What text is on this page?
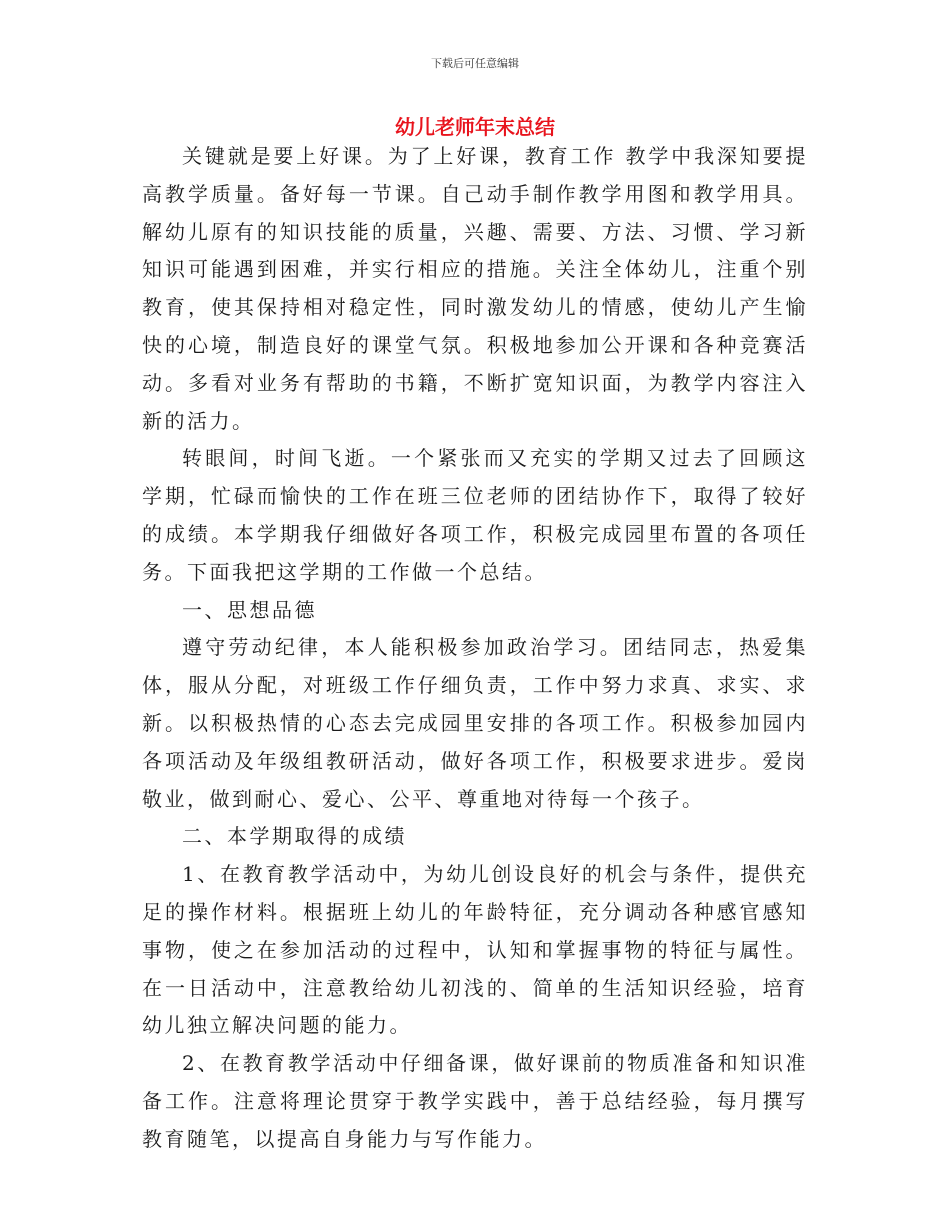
下载后可任意编辑
幼儿老师年末总结

关键就是要上好课。为了上好课，教育工作 教学中我深知要提高教学质量。备好每一节课。自己动手制作教学用图和教学用具。解幼儿原有的知识技能的质量，兴趣、需要、方法、习惯、学习新知识可能遇到困难，并实行相应的措施。关注全体幼儿，注重个别教育，使其保持相对稳定性，同时激发幼儿的情感，使幼儿产生愉快的心境，制造良好的课堂气氛。积极地参加公开课和各种竞赛活动。多看对业务有帮助的书籍，不断扩宽知识面，为教学内容注入新的活力。

转眼间，时间飞逝。一个紧张而又充实的学期又过去了回顾这学期，忙碌而愉快的工作在班三位老师的团结协作下，取得了较好的成绩。本学期我仔细做好各项工作，积极完成园里布置的各项任务。下面我把这学期的工作做一个总结。

一、思想品德

遵守劳动纪律，本人能积极参加政治学习。团结同志，热爱集体，服从分配，对班级工作仔细负责，工作中努力求真、求实、求新。以积极热情的心态去完成园里安排的各项工作。积极参加园内各项活动及年级组教研活动，做好各项工作，积极要求进步。爱岗敬业，做到耐心、爱心、公平、尊重地对待每一个孩子。

二、本学期取得的成绩

1、在教育教学活动中，为幼儿创设良好的机会与条件，提供充足的操作材料。根据班上幼儿的年龄特征，充分调动各种感官感知事物，使之在参加活动的过程中，认知和掌握事物的特征与属性。在一日活动中，注意教给幼儿初浅的、简单的生活知识经验，培育幼儿独立解决问题的能力。

2、在教育教学活动中仔细备课，做好课前的物质准备和知识准备工作。注意将理论贯穿于教学实践中，善于总结经验，每月撰写教育随笔，以提高自身能力与写作能力。
